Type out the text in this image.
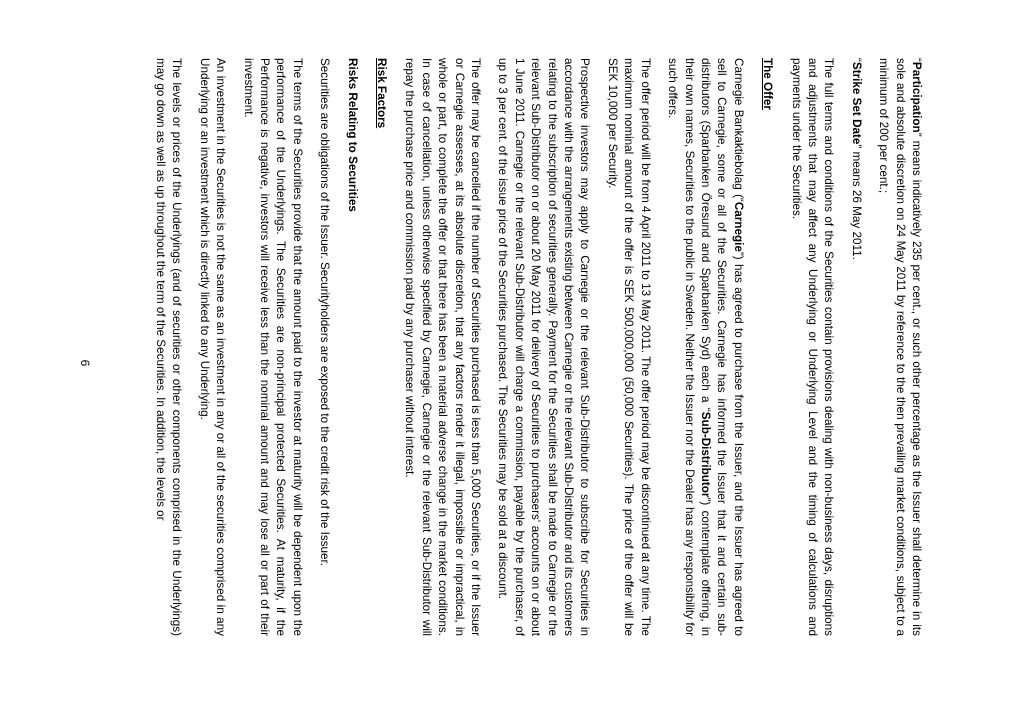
“Participation” means indicatively 235 per cent., or such other percentage as the Issuer shall determine in its sole and absolute discretion on 24 May 2011 by reference to the then prevailing market conditions, subject to a minimum of 200 per cent.;

“Strike Set Date” means 26 May 2011.

The full terms and conditions of the Securities contain provisions dealing with non-business days, disruptions and adjustments that may affect any Underlying or Underlying Level and the timing of calculations and payments under the Securities.

The Offer

Carnegie Bankaktiebolag (“Carnegie”) has agreed to purchase from the Issuer, and the Issuer has agreed to sell to Carnegie, some or all of the Securities. Carnegie has informed the Issuer that it and certain sub-distributors (Sparbanken Öresund and Sparbanken Syd) each a “Sub-Distributor”) contemplate offering, in their own names, Securities to the public in Sweden. Neither the Issuer nor the Dealer has any responsibility for such offers.

The offer period will be from 4 April 2011 to 13 May 2011. The offer period may be discontinued at any time. The maximum nominal amount of the offer is SEK 500,000,000 (50,000 Securities). The price of the offer will be SEK 10,000 per Security.

Prospective investors may apply to Carnegie or the relevant Sub-Distributor to subscribe for Securities in accordance with the arrangements existing between Carnegie or the relevant Sub-Distributor and its customers relating to the subscription of securities generally. Payment for the Securities shall be made to Carnegie or the relevant Sub-Distributor on or about 20 May 2011 for delivery of Securities to purchasers' accounts on or about 1 June 2011. Carnegie or the relevant Sub-Distributor will charge a commission, payable by the purchaser, of up to 3 per cent. of the issue price of the Securities purchased. The Securities may be sold at a discount.

The offer may be cancelled if the number of Securities purchased is less than 5,000 Securities, or if the Issuer or Carnegie assesses, at its absolute discretion, that any factors render it illegal, impossible or impractical, in whole or part, to complete the offer or that there has been a material adverse change in the market conditions. In case of cancellation, unless otherwise specified by Carnegie, Carnegie or the relevant Sub-Distributor will repay the purchase price and commission paid by any purchaser without interest.

Risk Factors
Risks Relating to Securities

Securities are obligations of the Issuer. Securityholders are exposed to the credit risk of the Issuer.

The terms of the Securities provide that the amount paid to the investor at maturity will be dependent upon the performance of the Underlyings. The Securities are non-principal protected Securities. At maturity, if the Performance is negative, investors will receive less than the nominal amount and may lose all or part of their investment.

An investment in the Securities is not the same as an investment in any or all of the securities comprised in any Underlying or an investment which is directly linked to any Underlying.

The levels or prices of the Underlyings (and of securities or other components comprised in the Underlyings) may go down as well as up throughout the term of the Securities. In addition, the levels or

6
